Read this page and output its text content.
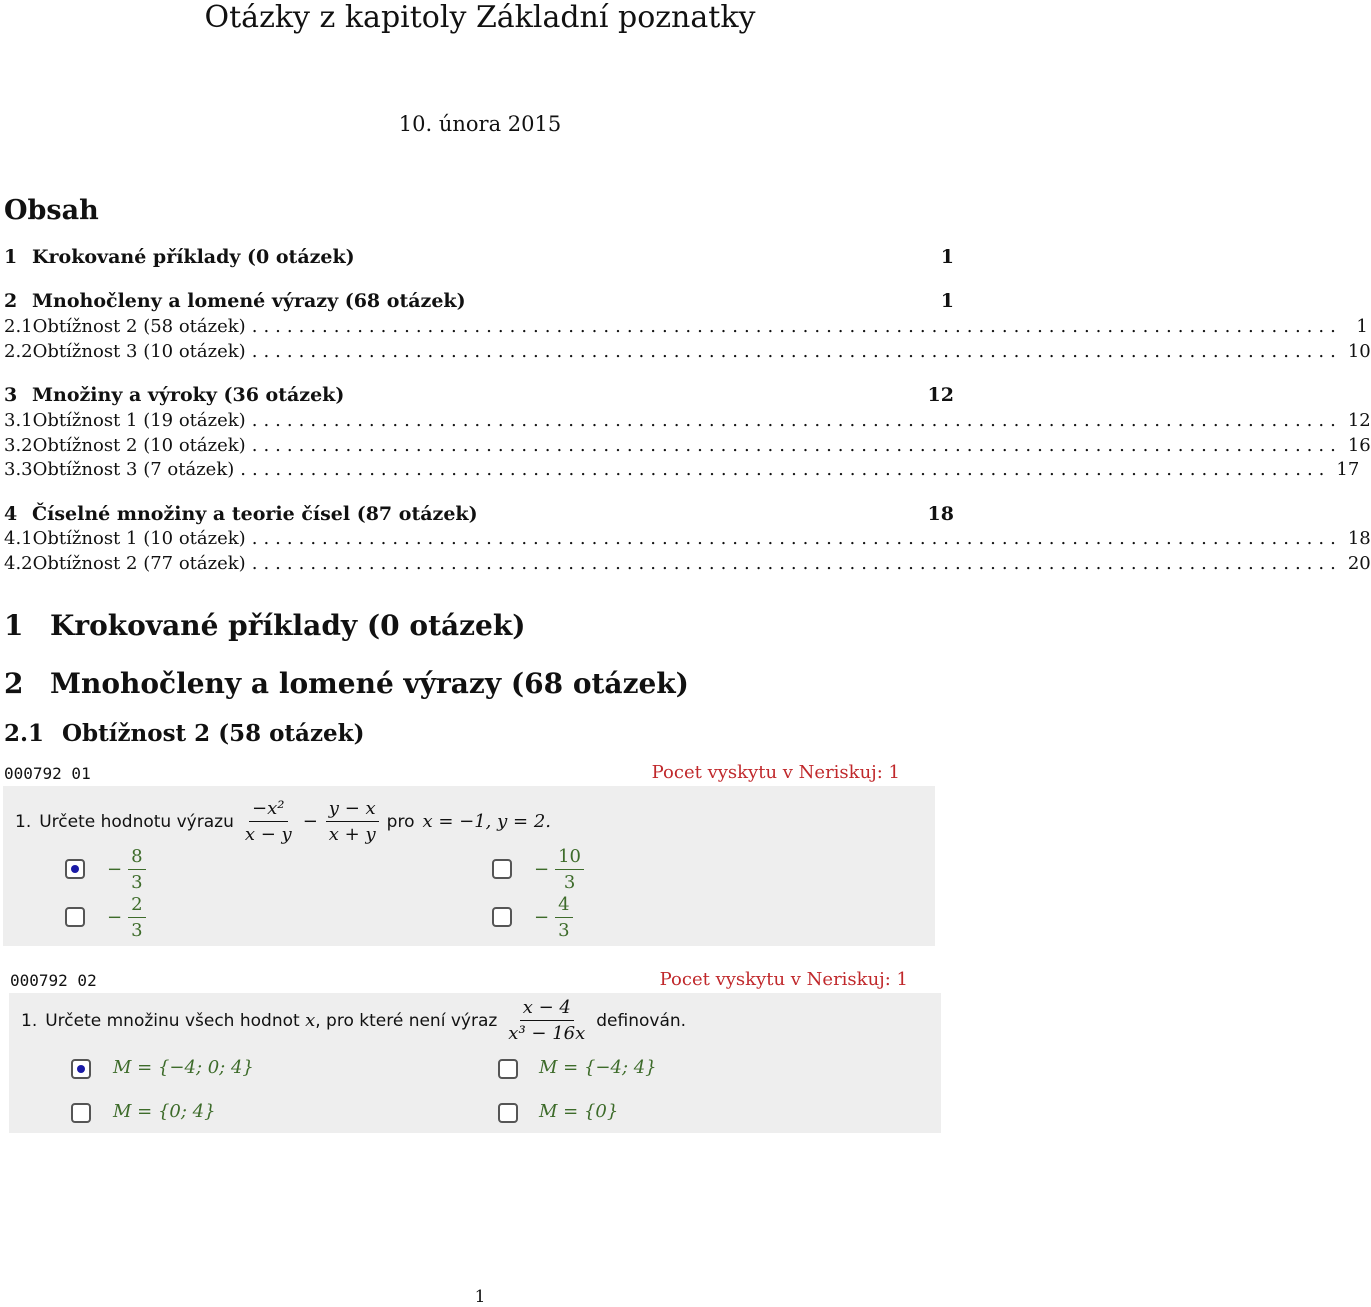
Otázky z kapitoly Základní poznatky
10. února 2015
Obsah
1 Krokované příklady (0 otázek)	1
2 Mnohočleny a lomené výrazy (68 otázek)	1
2.1 Obtížnost 2 (58 otázek) ............................................................................................. 1
2.2 Obtížnost 3 (10 otázek) ............................................................................................. 10
3 Množiny a výroky (36 otázek)	12
3.1 Obtížnost 1 (19 otázek) ............................................................................................. 12
3.2 Obtížnost 2 (10 otázek) ............................................................................................. 16
3.3 Obtížnost 3 (7 otázek) ............................................................................................. 17
4 Číselné množiny a teorie čísel (87 otázek)	18
4.1 Obtížnost 1 (10 otázek) ............................................................................................. 18
4.2 Obtížnost 2 (77 otázek) ............................................................................................. 20
1 Krokované příklady (0 otázek)
2 Mnohočleny a lomené výrazy (68 otázek)
2.1 Obtížnost 2 (58 otázek)
000792 01	Pocet vyskytu v Neriskuj: 1
1. Určete hodnotu výrazu $\frac{\text{−x²}}{x - y} - \frac{y - x}{x + y}$ pro x = −1, y = 2.
− $\frac{8}{3}$	− $\frac{10}{3}$
− $\frac{2}{3}$	− $\frac{4}{3}$
000792 02	Pocet vyskytu v Neriskuj: 1
1. Určete množinu všech hodnot x, pro které není výraz $\frac{x - 4}{\text{x³ − 16x}}$ definován.
M = {−4; 0; 4}	M = {−4; 4}
M = {0; 4}	M = {0}
1
